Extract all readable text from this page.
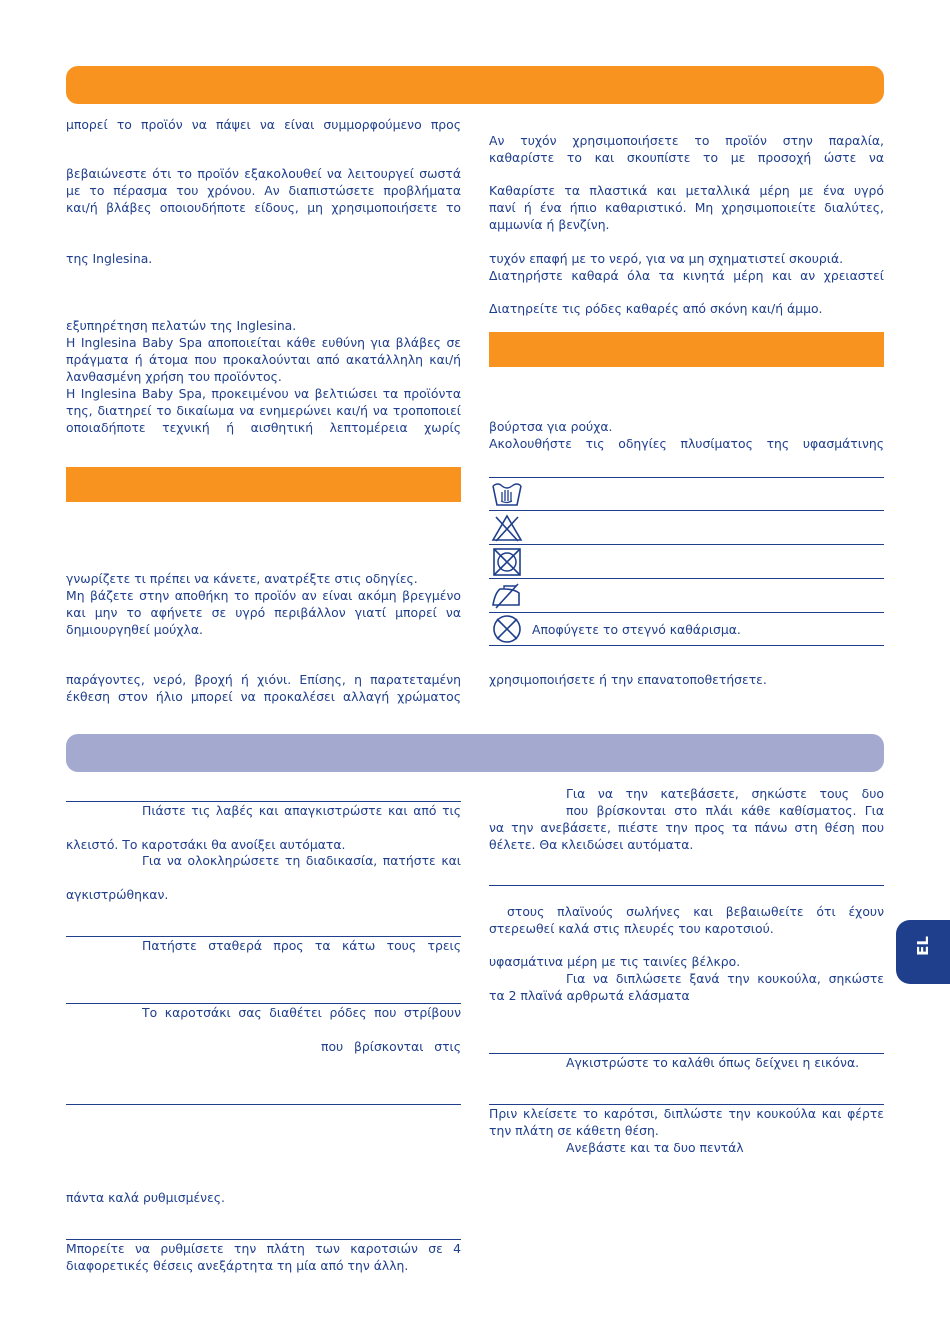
EL

μπορεί το προϊόν να πάψει να είναι συμμορφούμενο προς

βεβαιώνεστε ότι το προϊόν εξακολουθεί να λειτουργεί σωστά

με το πέρασμα του χρόνου. Αν διαπιστώσετε προβλήματα

και/ή βλάβες οποιουδήποτε είδους, μη χρησιμοποιήσετε το

της Inglesina.

εξυπηρέτηση πελατών της Inglesina.

Η Inglesina Baby Spa αποποιείται κάθε ευθύνη για βλάβες σε

πράγματα ή άτομα που προκαλούνται από ακατάλληλη και/ή

λανθασμένη χρήση του προϊόντος.

Η Inglesina Baby Spa, προκειμένου να βελτιώσει τα προϊόντα

της, διατηρεί το δικαίωμα να ενημερώνει και/ή να τροποποιεί

οποιαδήποτε τεχνική ή αισθητική λεπτομέρεια χωρίς

γνωρίζετε τι πρέπει να κάνετε, ανατρέξτε στις οδηγίες.

Μη βάζετε στην αποθήκη το προϊόν αν είναι ακόμη βρεγμένο

και μην το αφήνετε σε υγρό περιβάλλον γιατί μπορεί να

δημιουργηθεί μούχλα.

παράγοντες, νερό, βροχή ή χιόνι. Επίσης, η παρατεταμένη

έκθεση στον ήλιο μπορεί να προκαλέσει αλλαγή χρώματος

Αν τυχόν χρησιμοποιήσετε το προϊόν στην παραλία,

καθαρίστε το και σκουπίστε το με προσοχή ώστε να

Καθαρίστε τα πλαστικά και μεταλλικά μέρη με ένα υγρό

πανί ή ένα ήπιο καθαριστικό. Μη χρησιμοποιείτε διαλύτες,

αμμωνία ή βενζίνη.

τυχόν επαφή με το νερό, για να μη σχηματιστεί σκουριά.

Διατηρήστε καθαρά όλα τα κινητά μέρη και αν χρειαστεί

Διατηρείτε τις ρόδες καθαρές από σκόνη και/ή άμμο.

βούρτσα για ρούχα.

Ακολουθήστε τις οδηγίες πλυσίματος της υφασμάτινης

Αποφύγετε το στεγνό καθάρισμα.

χρησιμοποιήσετε ή την επανατοποθετήσετε.

Πιάστε τις λαβές και απαγκιστρώστε και από τις

κλειστό. Το καροτσάκι θα ανοίξει αυτόματα.

Για να ολοκληρώσετε τη διαδικασία, πατήστε και

αγκιστρώθηκαν.

Πατήστε σταθερά προς τα κάτω τους τρεις

Το καροτσάκι σας διαθέτει ρόδες που στρίβουν

που βρίσκονται στις

πάντα καλά ρυθμισμένες.

Μπορείτε να ρυθμίσετε την πλάτη των καροτσιών σε 4

διαφορετικές θέσεις ανεξάρτητα τη μία από την άλλη.

Για να την κατεβάσετε, σηκώστε τους δυο

που βρίσκονται στο πλάι κάθε καθίσματος. Για

να την ανεβάσετε, πιέστε την προς τα πάνω στη θέση που

θέλετε. Θα κλειδώσει αυτόματα.

στους πλαϊνούς σωλήνες και βεβαιωθείτε ότι έχουν

στερεωθεί καλά στις πλευρές του καροτσιού.

υφασμάτινα μέρη με τις ταινίες βέλκρο.

Για να διπλώσετε ξανά την κουκούλα, σηκώστε

τα 2 πλαϊνά αρθρωτά ελάσματα

Αγκιστρώστε το καλάθι όπως δείχνει η εικόνα.

Πριν κλείσετε το καρότσι, διπλώστε την κουκούλα και φέρτε

την πλάτη σε κάθετη θέση.

Ανεβάστε και τα δυο πεντάλ
